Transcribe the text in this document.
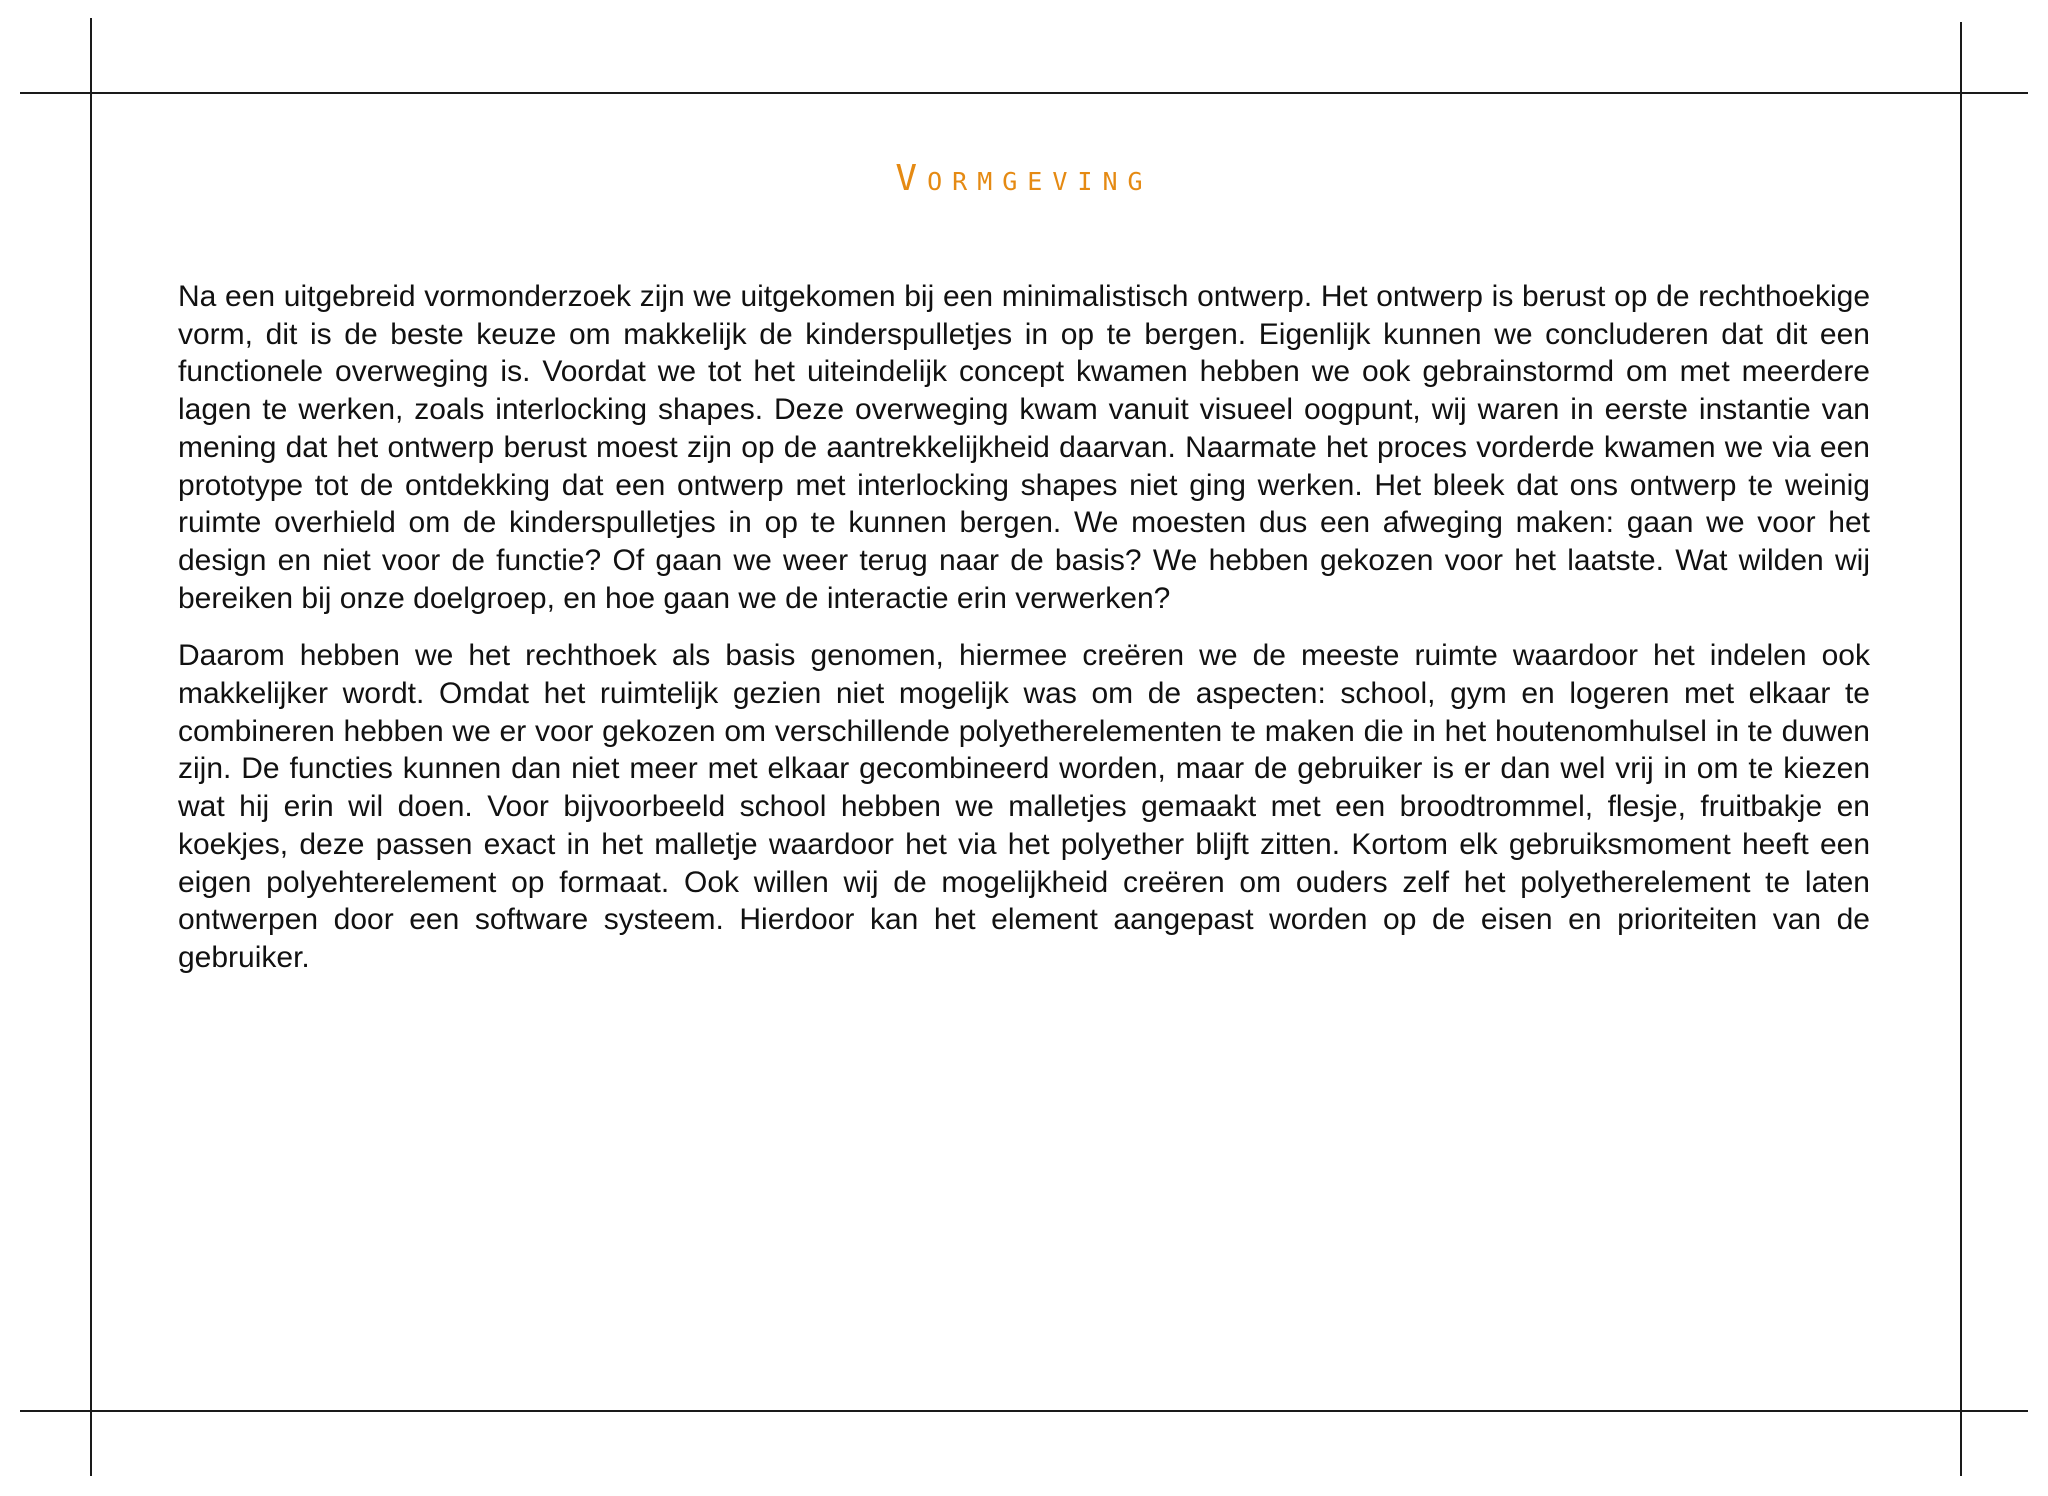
Vormgeving

Na een uitgebreid vormonderzoek zijn we uitgekomen bij een minimalistisch ontwerp. Het ontwerp is berust op de rechthoekige vorm, dit is de beste keuze om makkelijk de kinderspulletjes in op te bergen. Eigenlijk kunnen we concluderen dat dit een functionele overweging is. Voordat we tot het uiteindelijk concept kwamen hebben we ook gebrainstormd om met meerdere lagen te werken, zoals interlocking shapes. Deze overweging kwam vanuit visueel oogpunt, wij waren in eerste instantie van mening dat het ontwerp berust moest zijn op de aantrekkelijkheid daarvan. Naarmate het proces vorderde kwamen we via een prototype tot de ontdekking dat een ontwerp met interlocking shapes niet ging werken. Het bleek dat ons ontwerp te weinig ruimte overhield om de kinderspulletjes in op te kunnen bergen. We moesten dus een afweging maken: gaan we voor het design en niet voor de functie? Of gaan we weer terug naar de basis? We hebben gekozen voor het laatste. Wat wilden wij bereiken bij onze doelgroep, en hoe gaan we de interactie erin verwerken?

Daarom hebben we het rechthoek als basis genomen, hiermee creëren we de meeste ruimte waardoor het indelen ook makkelijker wordt. Omdat het ruimtelijk gezien niet mogelijk was om de aspecten: school, gym en logeren met elkaar te combineren hebben we er voor gekozen om verschillende polyetherelementen te maken die in het houtenomhulsel in te duwen zijn. De functies kunnen dan niet meer met elkaar gecombineerd worden, maar de gebruiker is er dan wel vrij in om te kiezen wat hij erin wil doen. Voor bijvoorbeeld school hebben we malletjes gemaakt met een broodtrommel, flesje, fruitbakje en koekjes, deze passen exact in het malletje waardoor het via het polyether blijft zitten. Kortom elk gebruiksmoment heeft een eigen polyehterelement op formaat. Ook willen wij de mogelijkheid creëren om ouders zelf het polyetherelement te laten ontwerpen door een software systeem. Hierdoor kan het element aangepast worden op de eisen en prioriteiten van de gebruiker.
